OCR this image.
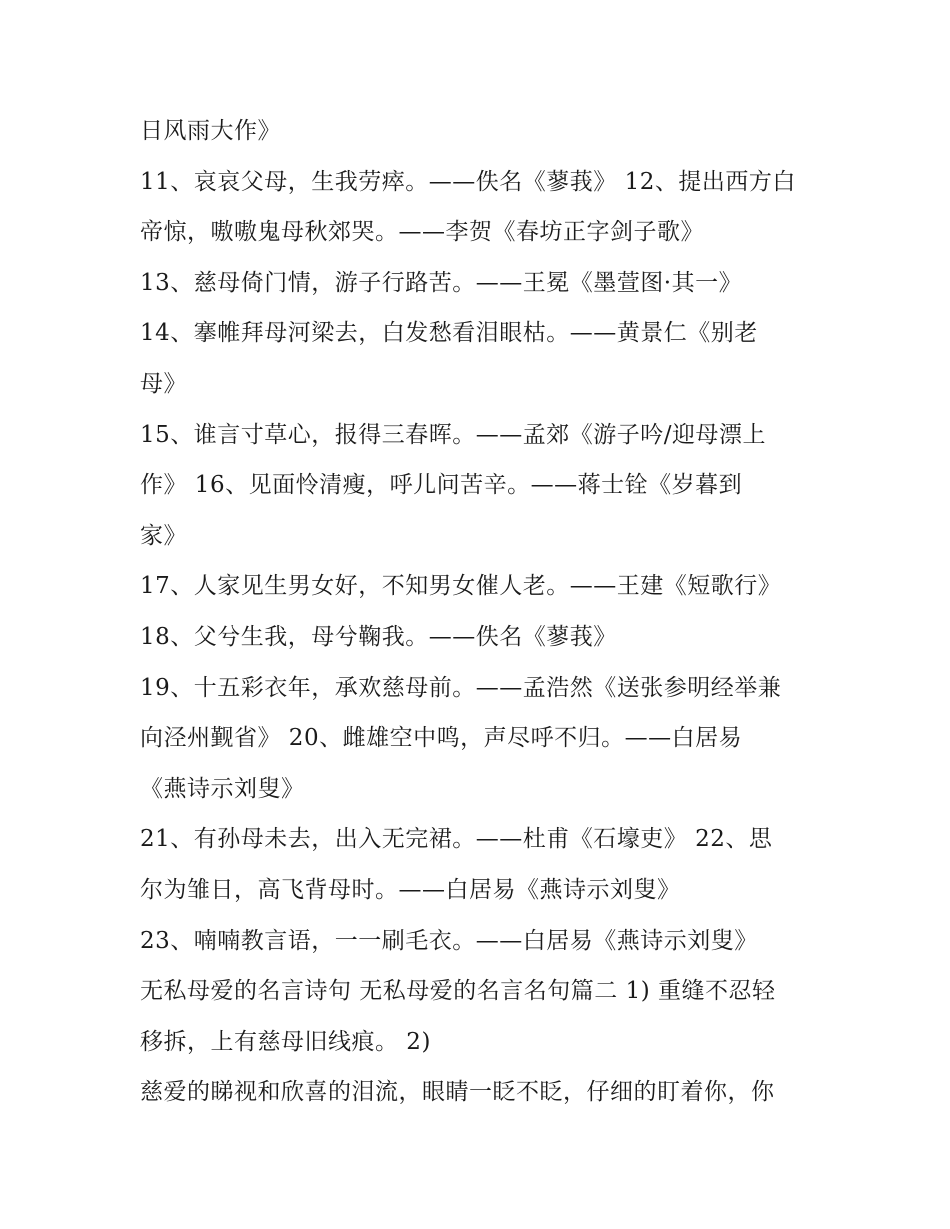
日风雨大作》
11、哀哀父母，生我劳瘁。——佚名《蓼莪》 12、提出西方白
帝惊，嗷嗷鬼母秋郊哭。——李贺《春坊正字剑子歌》
13、慈母倚门情，游子行路苦。——王冕《墨萱图·其一》
14、搴帷拜母河梁去，白发愁看泪眼枯。——黄景仁《别老
母》
15、谁言寸草心，报得三春晖。——孟郊《游子吟/迎母漂上
作》 16、见面怜清瘦，呼儿问苦辛。——蒋士铨《岁暮到
家》
17、人家见生男女好，不知男女催人老。——王建《短歌行》
18、父兮生我，母兮鞠我。——佚名《蓼莪》
19、十五彩衣年，承欢慈母前。——孟浩然《送张参明经举兼
向泾州觐省》 20、雌雄空中鸣，声尽呼不归。——白居易
《燕诗示刘叟》
21、有孙母未去，出入无完裙。——杜甫《石壕吏》 22、思
尔为雏日，高飞背母时。——白居易《燕诗示刘叟》
23、喃喃教言语，一一刷毛衣。——白居易《燕诗示刘叟》
无私母爱的名言诗句 无私母爱的名言名句篇二 1) 重缝不忍轻
移拆，上有慈母旧线痕。 2)
慈爱的睇视和欣喜的泪流，眼睛一眨不眨，仔细的盯着你，你
